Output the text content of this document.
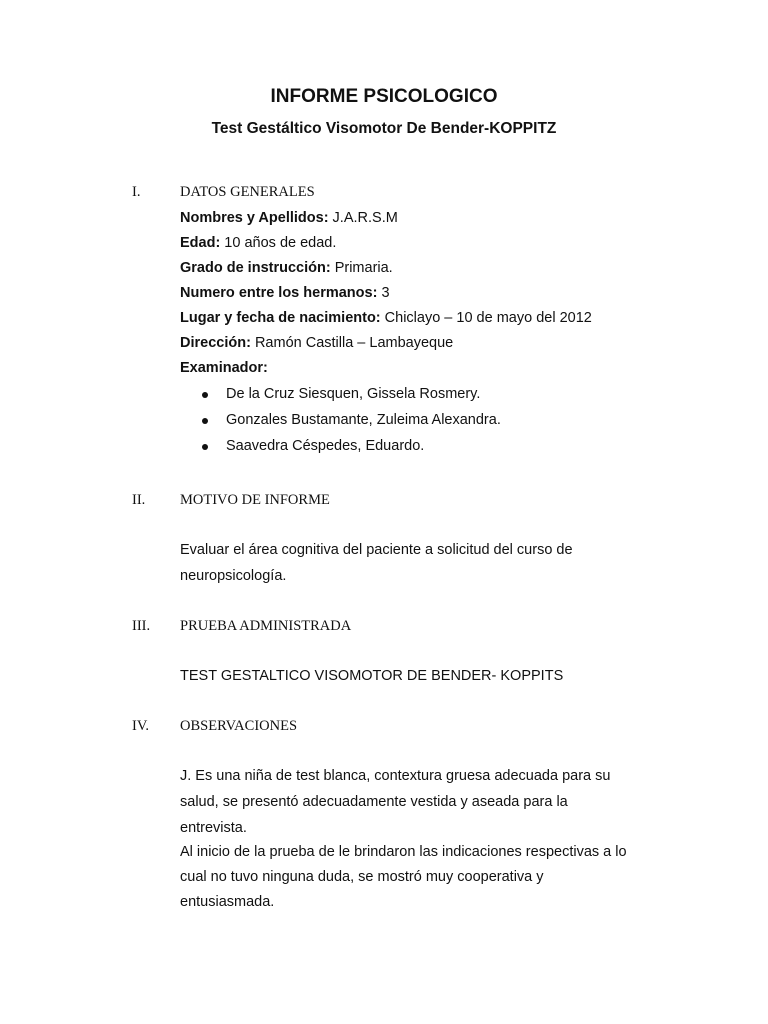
INFORME PSICOLOGICO
Test Gestáltico Visomotor De Bender-KOPPITZ
I.	DATOS GENERALES
Nombres y Apellidos: J.A.R.S.M
Edad: 10 años de edad.
Grado de instrucción: Primaria.
Numero entre los hermanos: 3
Lugar y fecha de nacimiento: Chiclayo – 10 de mayo del 2012
Dirección: Ramón Castilla – Lambayeque
Examinador:
De la Cruz Siesquen, Gissela Rosmery.
Gonzales Bustamante, Zuleima Alexandra.
Saavedra Céspedes, Eduardo.
II. MOTIVO DE INFORME
Evaluar el área cognitiva del paciente a solicitud del curso de
neuropsicología.
III. PRUEBA ADMINISTRADA
TEST GESTALTICO VISOMOTOR DE BENDER- KOPPITS
IV. OBSERVACIONES
J. Es una niña de test blanca, contextura gruesa adecuada para su
salud, se presentó adecuadamente vestida y aseada para la
entrevista.
Al inicio de la prueba de le brindaron las indicaciones respectivas a lo
cual no tuvo ninguna duda, se mostró muy cooperativa y
entusiasmada.
